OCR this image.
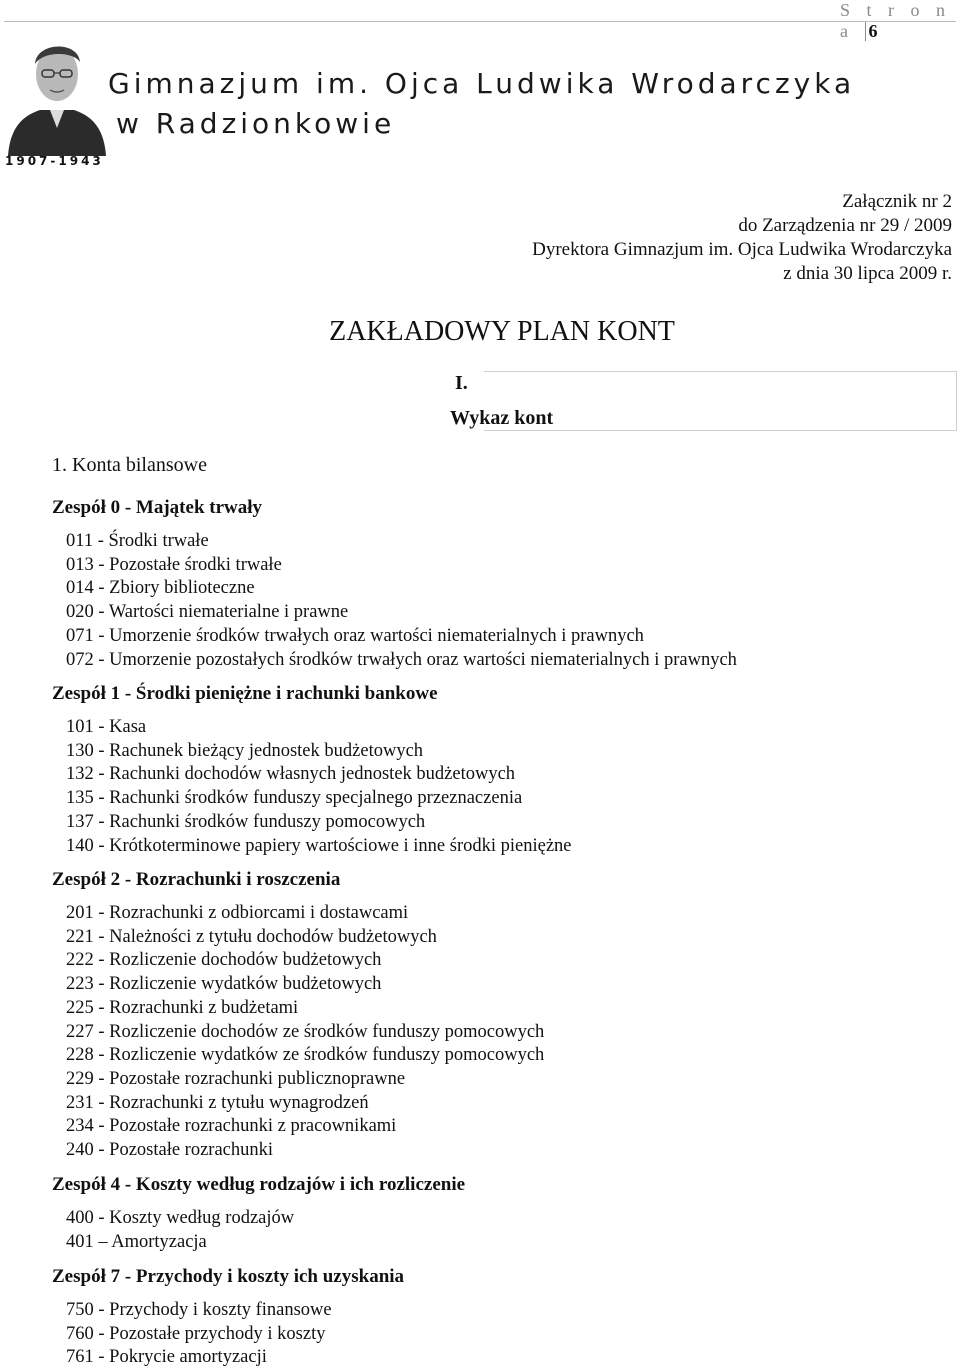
S t r o n a 6
1907-1943
Gimnazjum im. Ojca Ludwika Wrodarczyka
w Radzionkowie
Załącznik nr 2
do Zarządzenia nr 29 / 2009
Dyrektora Gimnazjum im. Ojca Ludwika Wrodarczyka
z dnia 30 lipca 2009 r.
ZAKŁADOWY PLAN KONT
I.
Wykaz kont
1. Konta bilansowe
Zespół 0 - Majątek trwały
011 - Środki trwałe
013 - Pozostałe środki trwałe
014 - Zbiory biblioteczne
020 - Wartości niematerialne i prawne
071 - Umorzenie środków trwałych oraz wartości niematerialnych i prawnych
072 - Umorzenie pozostałych środków trwałych oraz wartości niematerialnych i prawnych
Zespół 1 - Środki pieniężne i rachunki bankowe
101 - Kasa
130 - Rachunek bieżący jednostek budżetowych
132 - Rachunki dochodów własnych jednostek budżetowych
135 - Rachunki środków funduszy specjalnego przeznaczenia
137 - Rachunki środków funduszy pomocowych
140 - Krótkoterminowe papiery wartościowe i inne środki pieniężne
Zespół 2 - Rozrachunki i roszczenia
201 - Rozrachunki z odbiorcami i dostawcami
221 - Należności z tytułu dochodów budżetowych
222 - Rozliczenie dochodów budżetowych
223 - Rozliczenie wydatków budżetowych
225 - Rozrachunki z budżetami
227 - Rozliczenie dochodów ze środków funduszy pomocowych
228 - Rozliczenie wydatków ze środków funduszy pomocowych
229 - Pozostałe rozrachunki publicznoprawne
231 - Rozrachunki z tytułu wynagrodzeń
234 - Pozostałe rozrachunki z pracownikami
240 - Pozostałe rozrachunki
Zespół 4 - Koszty według rodzajów i ich rozliczenie
400 - Koszty według rodzajów
401 – Amortyzacja
Zespół 7 - Przychody i koszty ich uzyskania
750 - Przychody i koszty finansowe
760 - Pozostałe przychody i koszty
761 - Pokrycie amortyzacji
